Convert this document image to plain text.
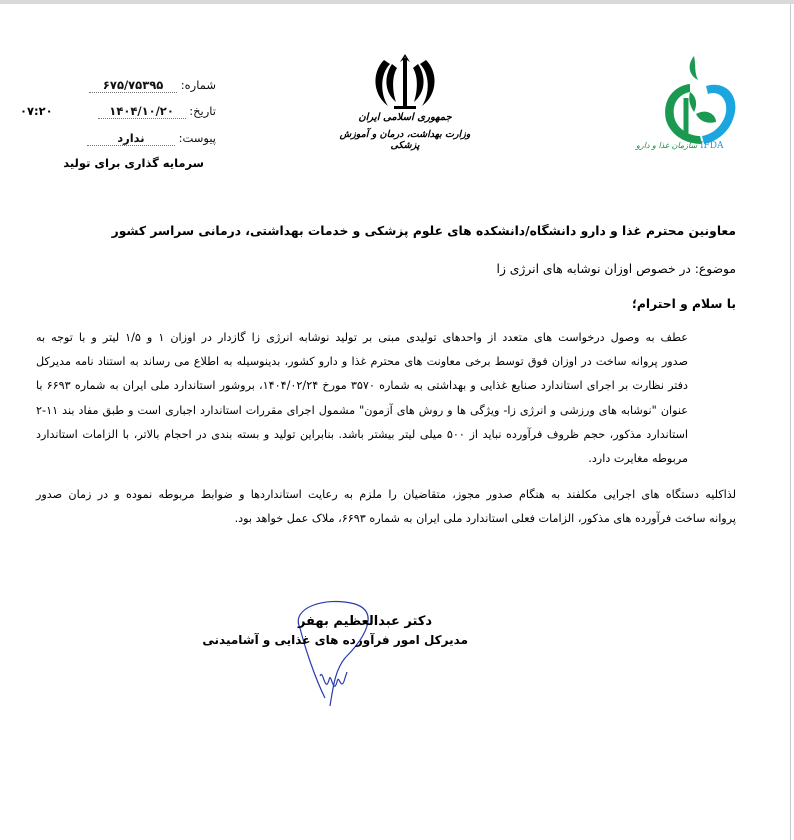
شماره: ۶۷۵/۷۵۳۹۵
تاریخ: ۱۴۰۴/۱۰/۲۰
۰۷:۲۰
پیوست: ندارد
سرمایه گذاری برای تولید
جمهوری اسلامی ایران
وزارت بهداشت، درمان و آموزش پزشکی	سازمان غذا و دارو IFDA
معاونین محترم غذا و دارو دانشگاه/دانشکده های علوم پزشکی و خدمات بهداشتی، درمانی سراسر کشور
موضوع: در خصوص اوزان نوشابه های انرژی زا
با سلام و احترام؛
عطف به وصول درخواست های متعدد از واحدهای تولیدی مبنی بر تولید نوشابه انرژی زا گازدار در اوزان ۱ و ۱/۵ لیتر و با توجه به
صدور پروانه ساخت در اوزان فوق توسط برخی معاونت های محترم غذا و دارو کشور، بدینوسیله به اطلاع می رساند به استناد نامه مدیرکل
دفتر نظارت بر اجرای استاندارد صنایع غذایی و بهداشتی به شماره ۳۵۷۰ مورخ ۱۴۰۴/۰۲/۲۴، بروشور استاندارد ملی ایران به شماره ۶۶۹۳ با
عنوان "نوشابه های ورزشی و انرژی زا- ویژگی ها و روش های آزمون" مشمول اجرای مقررات استاندارد اجباری است و طبق مفاد بند ۱۱-۲
استاندارد مذکور، حجم ظروف فرآورده نباید از ۵۰۰ میلی لیتر بیشتر باشد. بنابراین تولید و بسته بندی در احجام بالاتر، با الزامات استاندارد
مربوطه مغایرت دارد.
لذاکلیه دستگاه های اجرایی مکلفند به هنگام صدور مجوز، متقاضیان را ملزم به رعایت استانداردها و ضوابط مربوطه نموده و در زمان صدور
پروانه ساخت فرآورده های مذکور، الزامات فعلی استاندارد ملی ایران به شماره ۶۶۹۳، ملاک عمل خواهد بود.
دکتر عبدالعظیم بهفر
مدیرکل امور فرآورده های غذایی و آشامیدنی
